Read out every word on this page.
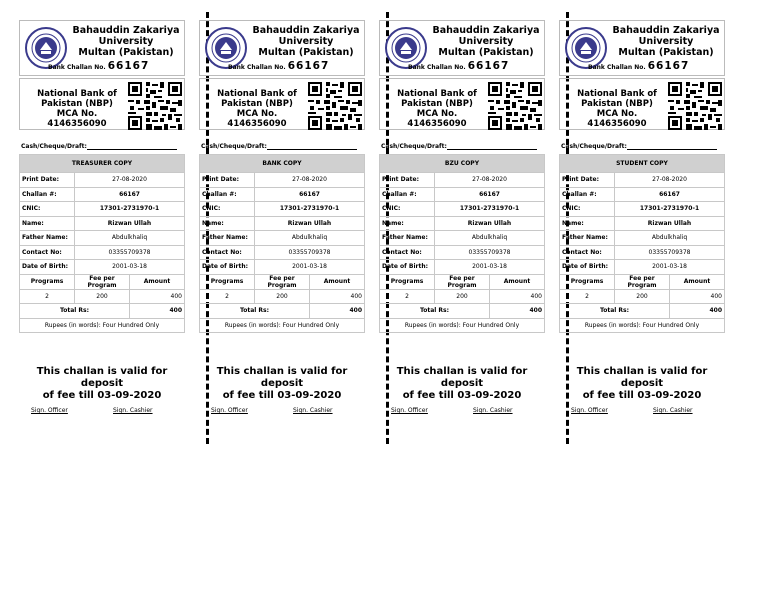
Bahauddin Zakariya
University
Multan (Pakistan)
Bank Challan No. 66167
National Bank of
Pakistan (NBP)
MCA No.
4146356090
Cash/Cheque/Draft:
TREASURER COPY		
Print Date:	27-08-2020	
Challan #:	66167	
CNIC:	17301-2731970-1	
Name:	Rizwan Ullah	
Father Name:	Abdulkhaliq	
Contact No:	03355709378	
Date of Birth:	2001-03-18	
Programs	Fee per Program	Amount
2	200	400
Total Rs:		400
Rupees (in words): Four Hundred Only		
This challan is valid for deposit
of fee till 03-09-2020
Sign. Officer	Sign. Cashier
Bahauddin Zakariya
University
Multan (Pakistan)
Bank Challan No. 66167
National Bank of
Pakistan (NBP)
MCA No.
4146356090
Cash/Cheque/Draft:
BANK COPY		
Print Date:	27-08-2020	
Challan #:	66167	
CNIC:	17301-2731970-1	
Name:	Rizwan Ullah	
Father Name:	Abdulkhaliq	
Contact No:	03355709378	
Date of Birth:	2001-03-18	
Programs	Fee per Program	Amount
2	200	400
Total Rs:		400
Rupees (in words): Four Hundred Only		
This challan is valid for deposit
of fee till 03-09-2020
Sign. Officer	Sign. Cashier
Bahauddin Zakariya
University
Multan (Pakistan)
Bank Challan No. 66167
National Bank of
Pakistan (NBP)
MCA No.
4146356090
Cash/Cheque/Draft:
BZU COPY		
Print Date:	27-08-2020	
Challan #:	66167	
CNIC:	17301-2731970-1	
Name:	Rizwan Ullah	
Father Name:	Abdulkhaliq	
Contact No:	03355709378	
Date of Birth:	2001-03-18	
Programs	Fee per Program	Amount
2	200	400
Total Rs:		400
Rupees (in words): Four Hundred Only		
This challan is valid for deposit
of fee till 03-09-2020
Sign. Officer	Sign. Cashier
Bahauddin Zakariya
University
Multan (Pakistan)
Bank Challan No. 66167
National Bank of
Pakistan (NBP)
MCA No.
4146356090
Cash/Cheque/Draft:
STUDENT COPY		
Print Date:	27-08-2020	
Challan #:	66167	
CNIC:	17301-2731970-1	
Name:	Rizwan Ullah	
Father Name:	Abdulkhaliq	
Contact No:	03355709378	
Date of Birth:	2001-03-18	
Programs	Fee per Program	Amount
2	200	400
Total Rs:		400
Rupees (in words): Four Hundred Only		
This challan is valid for deposit
of fee till 03-09-2020
Sign. Officer	Sign. Cashier
